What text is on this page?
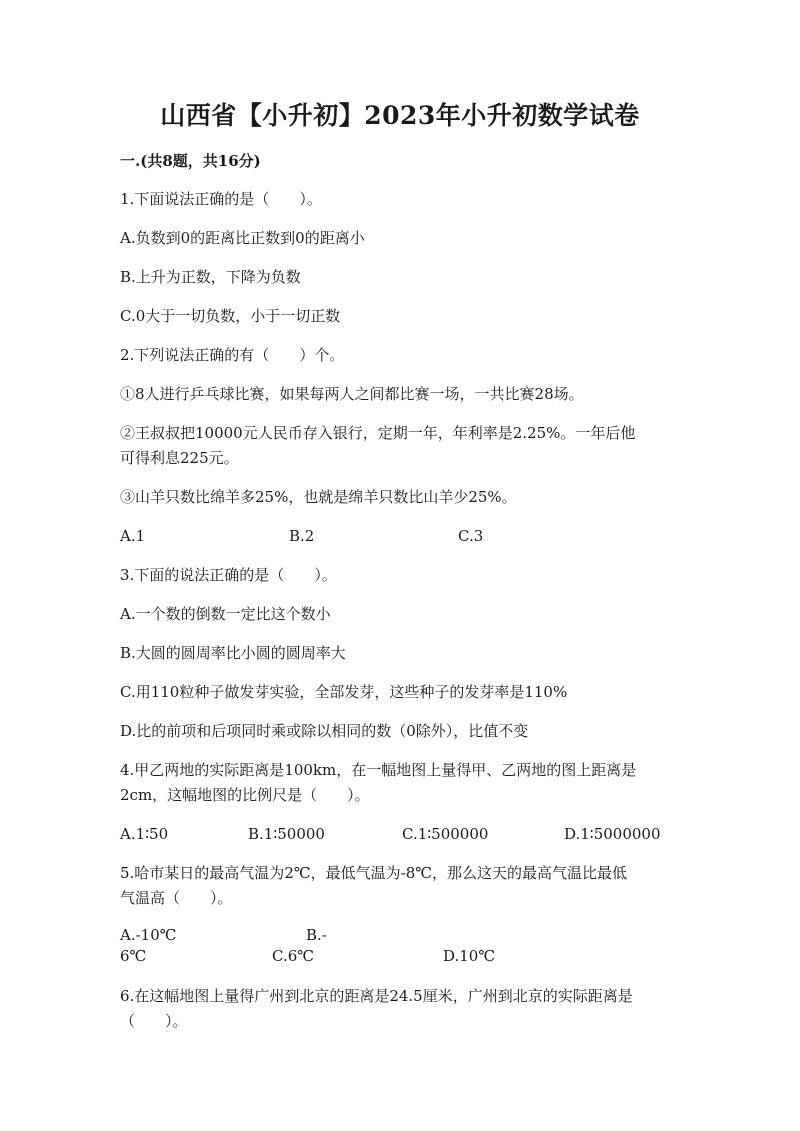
山西省【小升初】2023年小升初数学试卷
一.(共8题，共16分)
1.下面说法正确的是（　　）。
A.负数到0的距离比正数到0的距离小
B.上升为正数，下降为负数
C.0大于一切负数，小于一切正数
2.下列说法正确的有（　　）个。
①8人进行乒乓球比赛，如果每两人之间都比赛一场，一共比赛28场。
②王叔叔把10000元人民币存入银行，定期一年，年利率是2.25%。一年后他
可得利息225元。
③山羊只数比绵羊多25%，也就是绵羊只数比山羊少25%。
A.1	B.2	C.3
3.下面的说法正确的是（　　）。
A.一个数的倒数一定比这个数小
B.大圆的圆周率比小圆的圆周率大
C.用110粒种子做发芽实验，全部发芽，这些种子的发芽率是110%
D.比的前项和后项同时乘或除以相同的数（0除外），比值不变
4.甲乙两地的实际距离是100km，在一幅地图上量得甲、乙两地的图上距离是
2cm，这幅地图的比例尺是（　　）。
A.1∶50	B.1∶50000	C.1∶500000	D.1∶5000000
5.哈市某日的最高气温为2℃，最低气温为-8℃，那么这天的最高气温比最低
气温高（　　）。
A.-10℃	B.-
6℃	C.6℃	D.10℃
6.在这幅地图上量得广州到北京的距离是24.5厘米，广州到北京的实际距离是
（　　）。
